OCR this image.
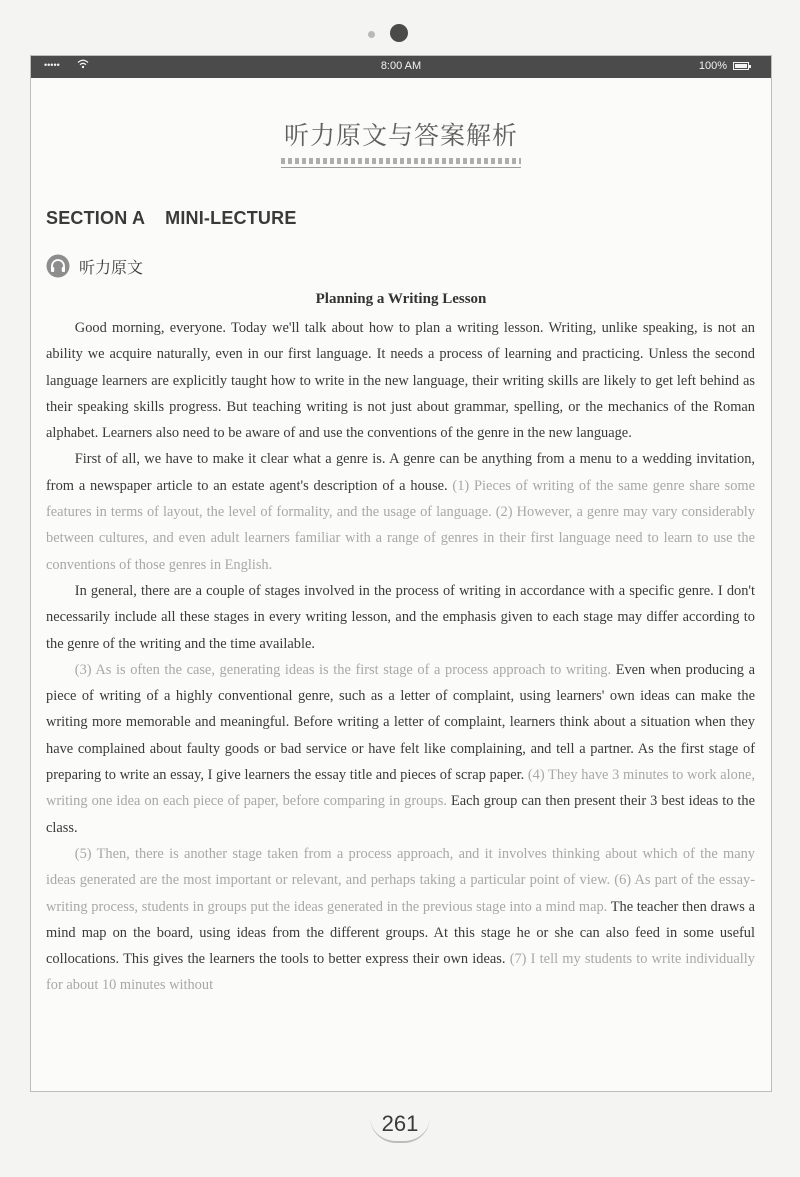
•••••	8:00 AM	100%
听力原文与答案解析
SECTION A MINI-LECTURE
听力原文
Planning a Writing Lesson

Good morning, everyone. Today we'll talk about how to plan a writing lesson. Writing, unlike speaking, is not an ability we acquire naturally, even in our first language. It needs a process of learning and practicing. Unless the second language learners are explicitly taught how to write in the new language, their writing skills are likely to get left behind as their speaking skills progress. But teaching writing is not just about grammar, spelling, or the mechanics of the Roman alphabet. Learners also need to be aware of and use the conventions of the genre in the new language.

First of all, we have to make it clear what a genre is. A genre can be anything from a menu to a wedding invitation, from a newspaper article to an estate agent's description of a house. (1) Pieces of writing of the same genre share some features in terms of layout, the level of formality, and the usage of language. (2) However, a genre may vary considerably between cultures, and even adult learners familiar with a range of genres in their first language need to learn to use the conventions of those genres in English.

In general, there are a couple of stages involved in the process of writing in accordance with a specific genre. I don't necessarily include all these stages in every writing lesson, and the emphasis given to each stage may differ according to the genre of the writing and the time available.

(3) As is often the case, generating ideas is the first stage of a process approach to writing. Even when producing a piece of writing of a highly conventional genre, such as a letter of complaint, using learners' own ideas can make the writing more memorable and meaningful. Before writing a letter of complaint, learners think about a situation when they have complained about faulty goods or bad service or have felt like complaining, and tell a partner. As the first stage of preparing to write an essay, I give learners the essay title and pieces of scrap paper. (4) They have 3 minutes to work alone, writing one idea on each piece of paper, before comparing in groups. Each group can then present their 3 best ideas to the class.

(5) Then, there is another stage taken from a process approach, and it involves thinking about which of the many ideas generated are the most important or relevant, and perhaps taking a particular point of view. (6) As part of the essay-writing process, students in groups put the ideas generated in the previous stage into a mind map. The teacher then draws a mind map on the board, using ideas from the different groups. At this stage he or she can also feed in some useful collocations. This gives the learners the tools to better express their own ideas. (7) I tell my students to write individually for about 10 minutes without

261
